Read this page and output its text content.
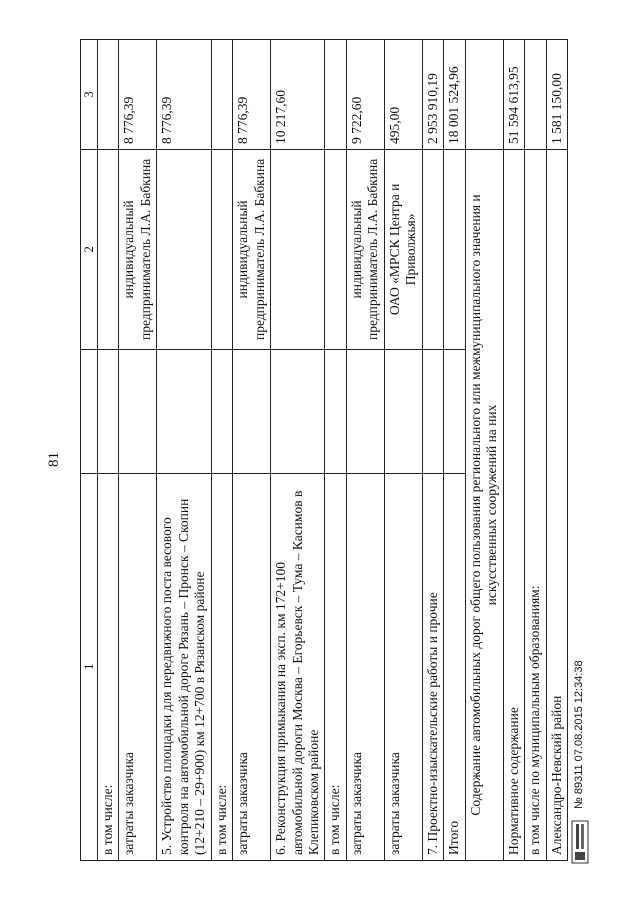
81
1		2	3
в том числе:			
затраты заказчика		индивидуальный предприниматель Л.А. Бабкина	8 776,39
5. Устройство площадки для передвижного поста весового контроля на автомобильной дороге Рязань – Пронск – Скопин (12+210 – 29+900) км 12+700 в Рязанском районе			8 776,39
в том числе:			
затраты заказчика		индивидуальный предприниматель Л.А. Бабкина	8 776,39
6. Реконструкция примыкания на эксп. км 172+100 автомобильной дороги Москва – Егорьевск – Тума – Касимов в Клепиковском районе			10 217,60
в том числе:			
затраты заказчика		индивидуальный предприниматель Л.А. Бабкина	9 722,60
затраты заказчика		ОАО «МРСК Центра и Приволжья»	495,00
7. Проектно-изыскательские работы и прочие			2 953 910,19
Итого			18 001 524,96
Содержание автомобильных дорог общего пользования регионального или межмуниципального значения и искусственных сооружений на них			
Нормативное содержание			51 594 613,95
в том числе по муниципальным образованиям:			
Александро-Невский район			1 581 150,00
№ 89311 07.08.2015 12:34:38
